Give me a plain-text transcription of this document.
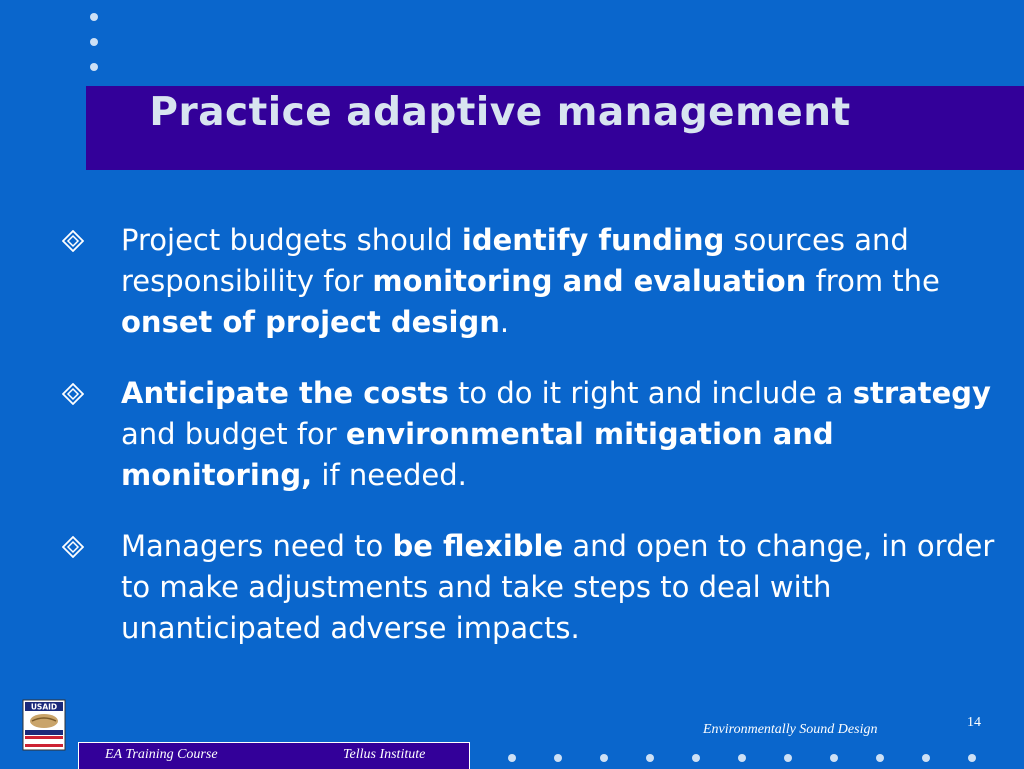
Practice adaptive management
Project budgets should identify funding sources and responsibility for monitoring and evaluation from the onset of project design.
Anticipate the costs to do it right and include a strategy and budget for environmental mitigation and monitoring, if needed.
Managers need to be flexible and open to change, in order to make adjustments and take steps to deal with unanticipated adverse impacts.
USAID
EA Training Course	Tellus Institute
Environmentally Sound Design	14
